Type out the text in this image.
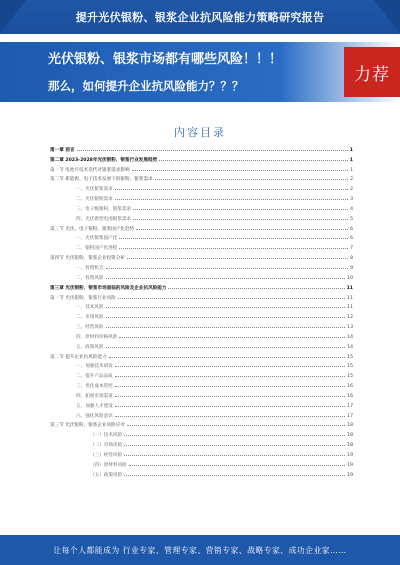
提升光伏银粉、银浆企业抗风险能力策略研究报告
光伏银粉、银浆市场都有哪些风险！！！
那么，如何提升企业抗风险能力？？？
力荐
内容目录
第一章 前言	1
第二章 2023-2028年光伏银粉、银浆行业发展趋势	1
第一节 电池片技术迭代对银浆需求影响	1
第二节 新能源、电子技术发展下的银粉、银浆需求	2
一、光伏银浆需求	2
二、光伏银粉需求	3
三、电子级银粉、银浆需求	4
四、光伏新型电池银浆需求	5
第三节 光伏、电子银粉、银浆国产化趋势	6
一、光伏银浆国产化	6
二、银粉国产化进程	7
第四节 光伏银粉、银浆企业投资分析	8
一、投资机会	9
二、投资风险	10
第三章 光伏银粉、银浆市场面临的风险及企业抗风险能力	11
第一节 光伏银粉、银浆行业风险	11
一、技术风险	11
二、市场风险	12
三、经营风险	13
四、原材料价格风险	14
五、政策风险	14
第二节 提升企业抗风险能力	15
一、加强技术研发	15
二、提升产品品质	15
三、优化成本管控	16
四、拓展市场渠道	16
五、加强人才建设	17
六、强化风险意识	17
第三节 光伏银粉、银浆企业风险应对	18
（一）技术风险	18
（二）市场风险	18
（三）经营风险	19
（四）原材料风险	19
（五）政策风险	19
让每个人都能成为 行业专家、管理专家、营销专家、战略专家、成功企业家……
